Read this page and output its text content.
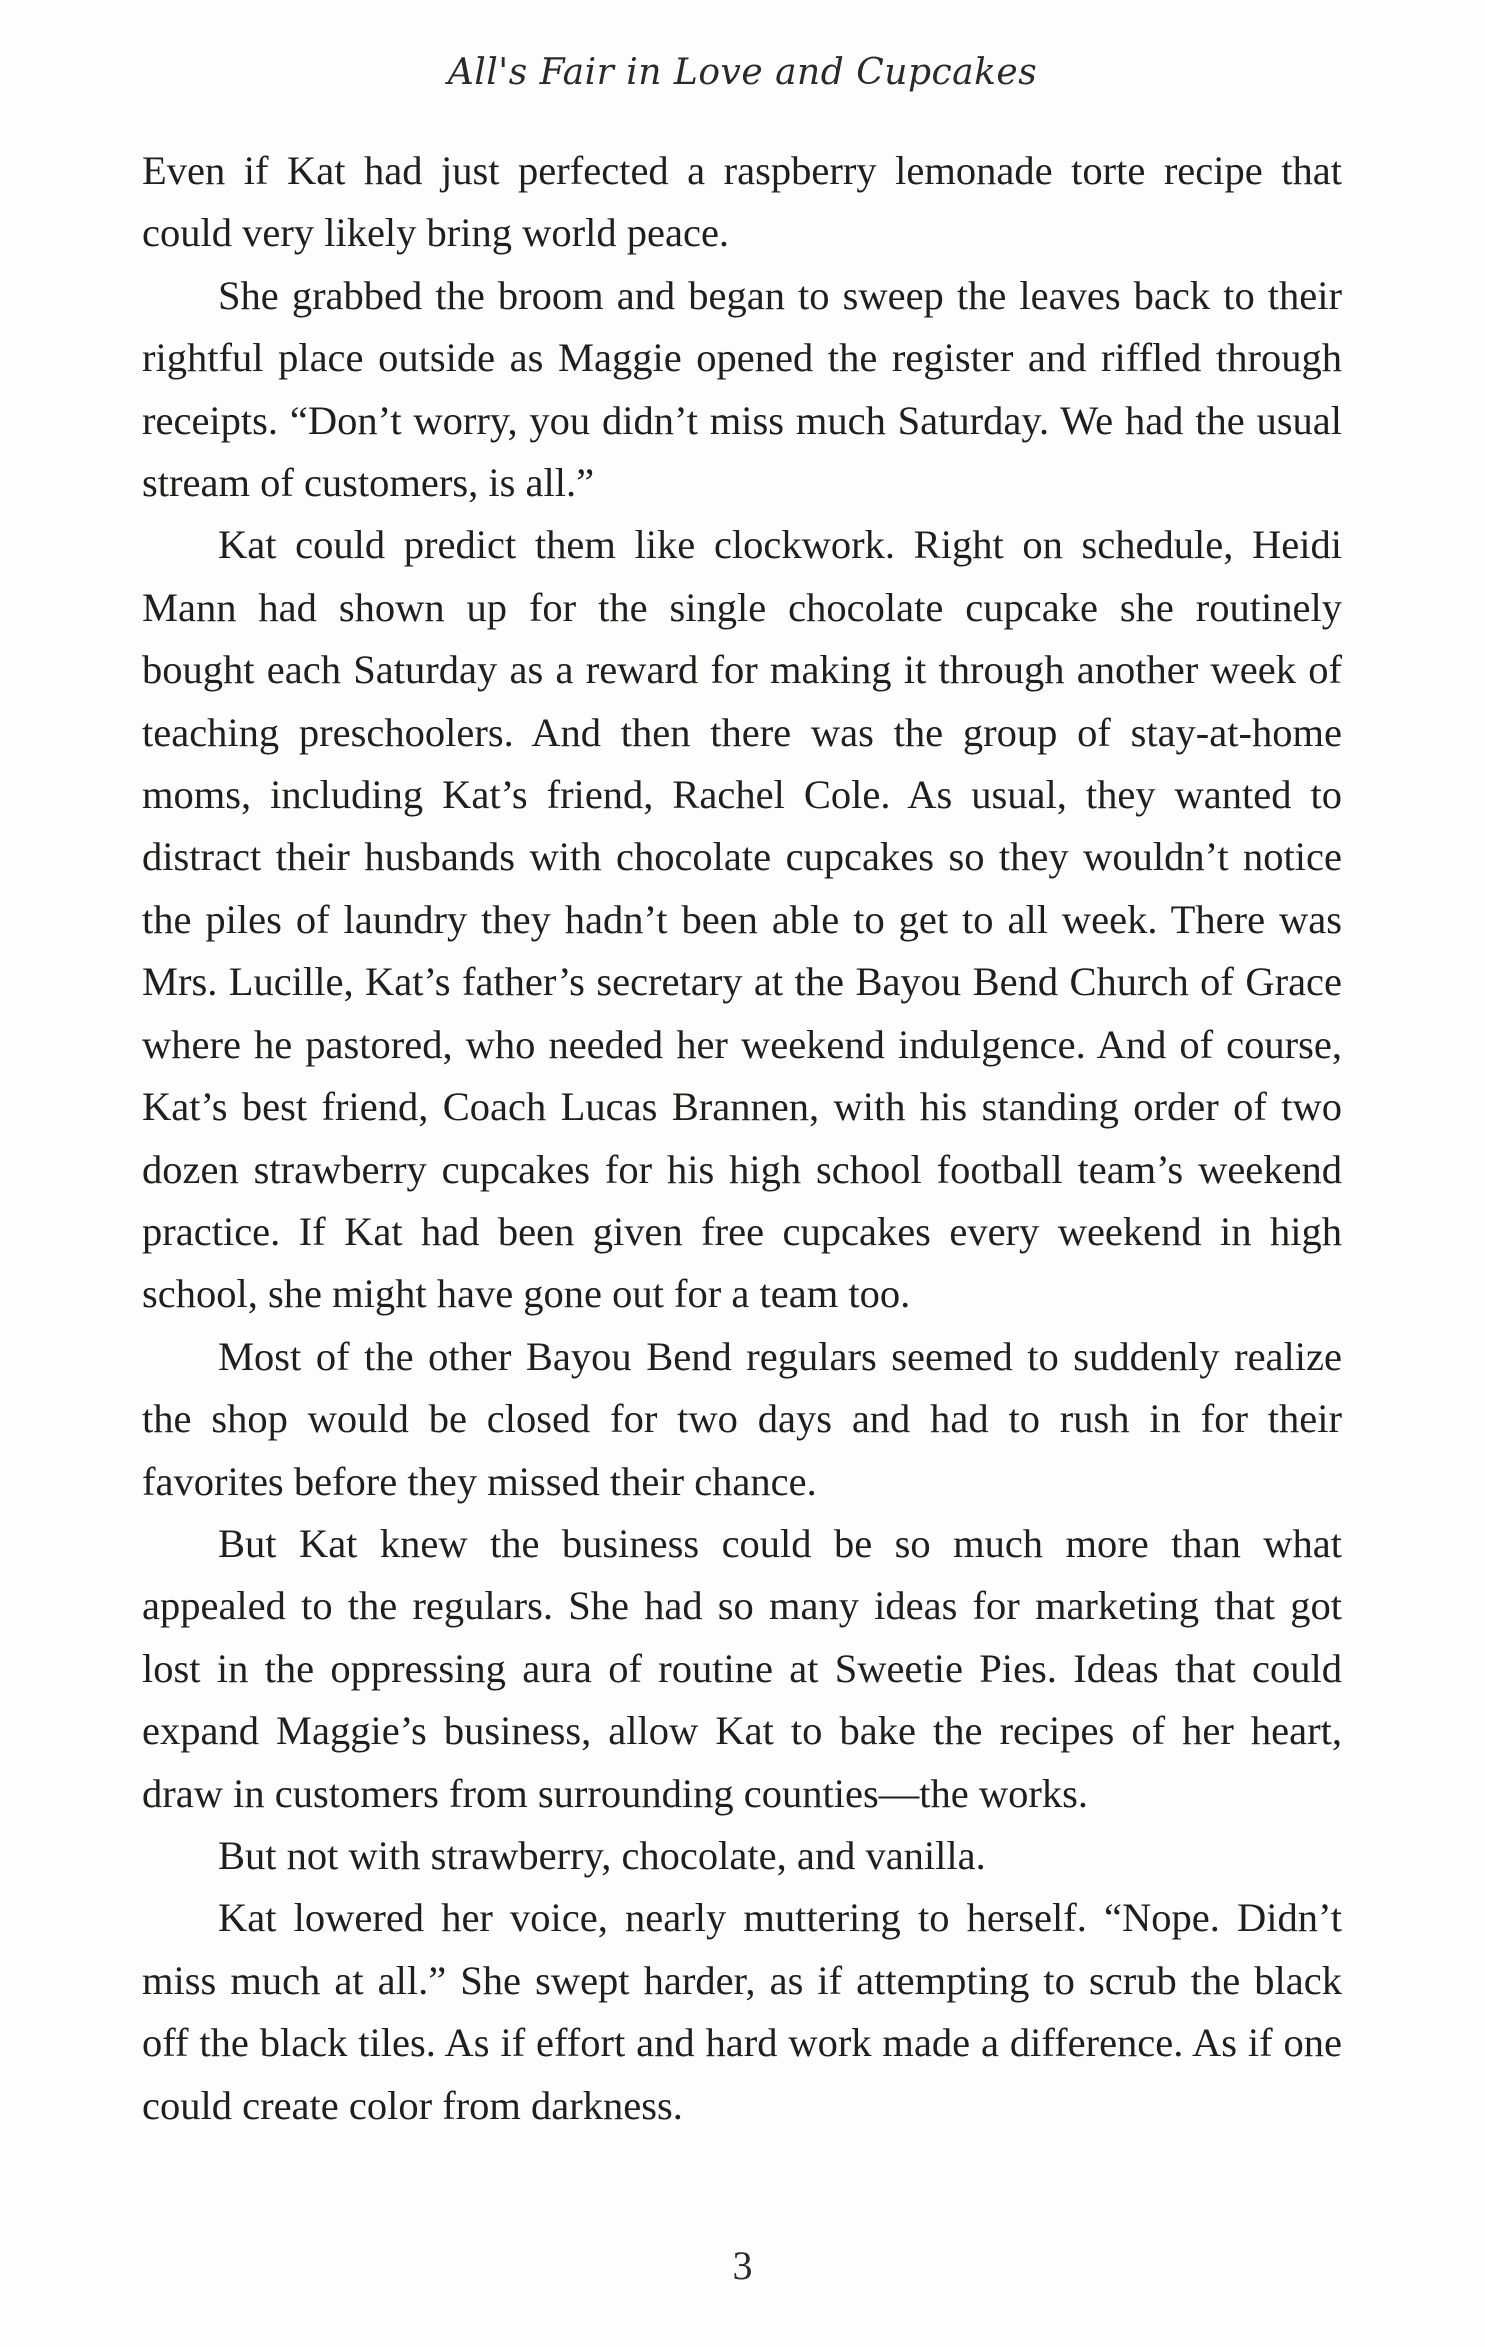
All's Fair in Love and Cupcakes

Even if Kat had just perfected a raspberry lemonade torte recipe that could very likely bring world peace.

She grabbed the broom and began to sweep the leaves back to their rightful place outside as Maggie opened the register and riffled through receipts. “Don’t worry, you didn’t miss much Saturday. We had the usual stream of customers, is all.”

Kat could predict them like clockwork. Right on schedule, Heidi Mann had shown up for the single chocolate cupcake she routinely bought each Saturday as a reward for making it through another week of teaching preschoolers. And then there was the group of stay-at-home moms, including Kat’s friend, Rachel Cole. As usual, they wanted to distract their husbands with chocolate cupcakes so they wouldn’t notice the piles of laundry they hadn’t been able to get to all week. There was Mrs. Lucille, Kat’s father’s secretary at the Bayou Bend Church of Grace where he pastored, who needed her weekend indulgence. And of course, Kat’s best friend, Coach Lucas Brannen, with his standing order of two dozen strawberry cupcakes for his high school football team’s weekend practice. If Kat had been given free cupcakes every weekend in high school, she might have gone out for a team too.

Most of the other Bayou Bend regulars seemed to suddenly realize the shop would be closed for two days and had to rush in for their favorites before they missed their chance.

But Kat knew the business could be so much more than what appealed to the regulars. She had so many ideas for marketing that got lost in the oppressing aura of routine at Sweetie Pies. Ideas that could expand Maggie’s business, allow Kat to bake the recipes of her heart, draw in customers from surrounding counties—the works.

But not with strawberry, chocolate, and vanilla.

Kat lowered her voice, nearly muttering to herself. “Nope. Didn’t miss much at all.” She swept harder, as if attempting to scrub the black off the black tiles. As if effort and hard work made a difference. As if one could create color from darkness.

3
